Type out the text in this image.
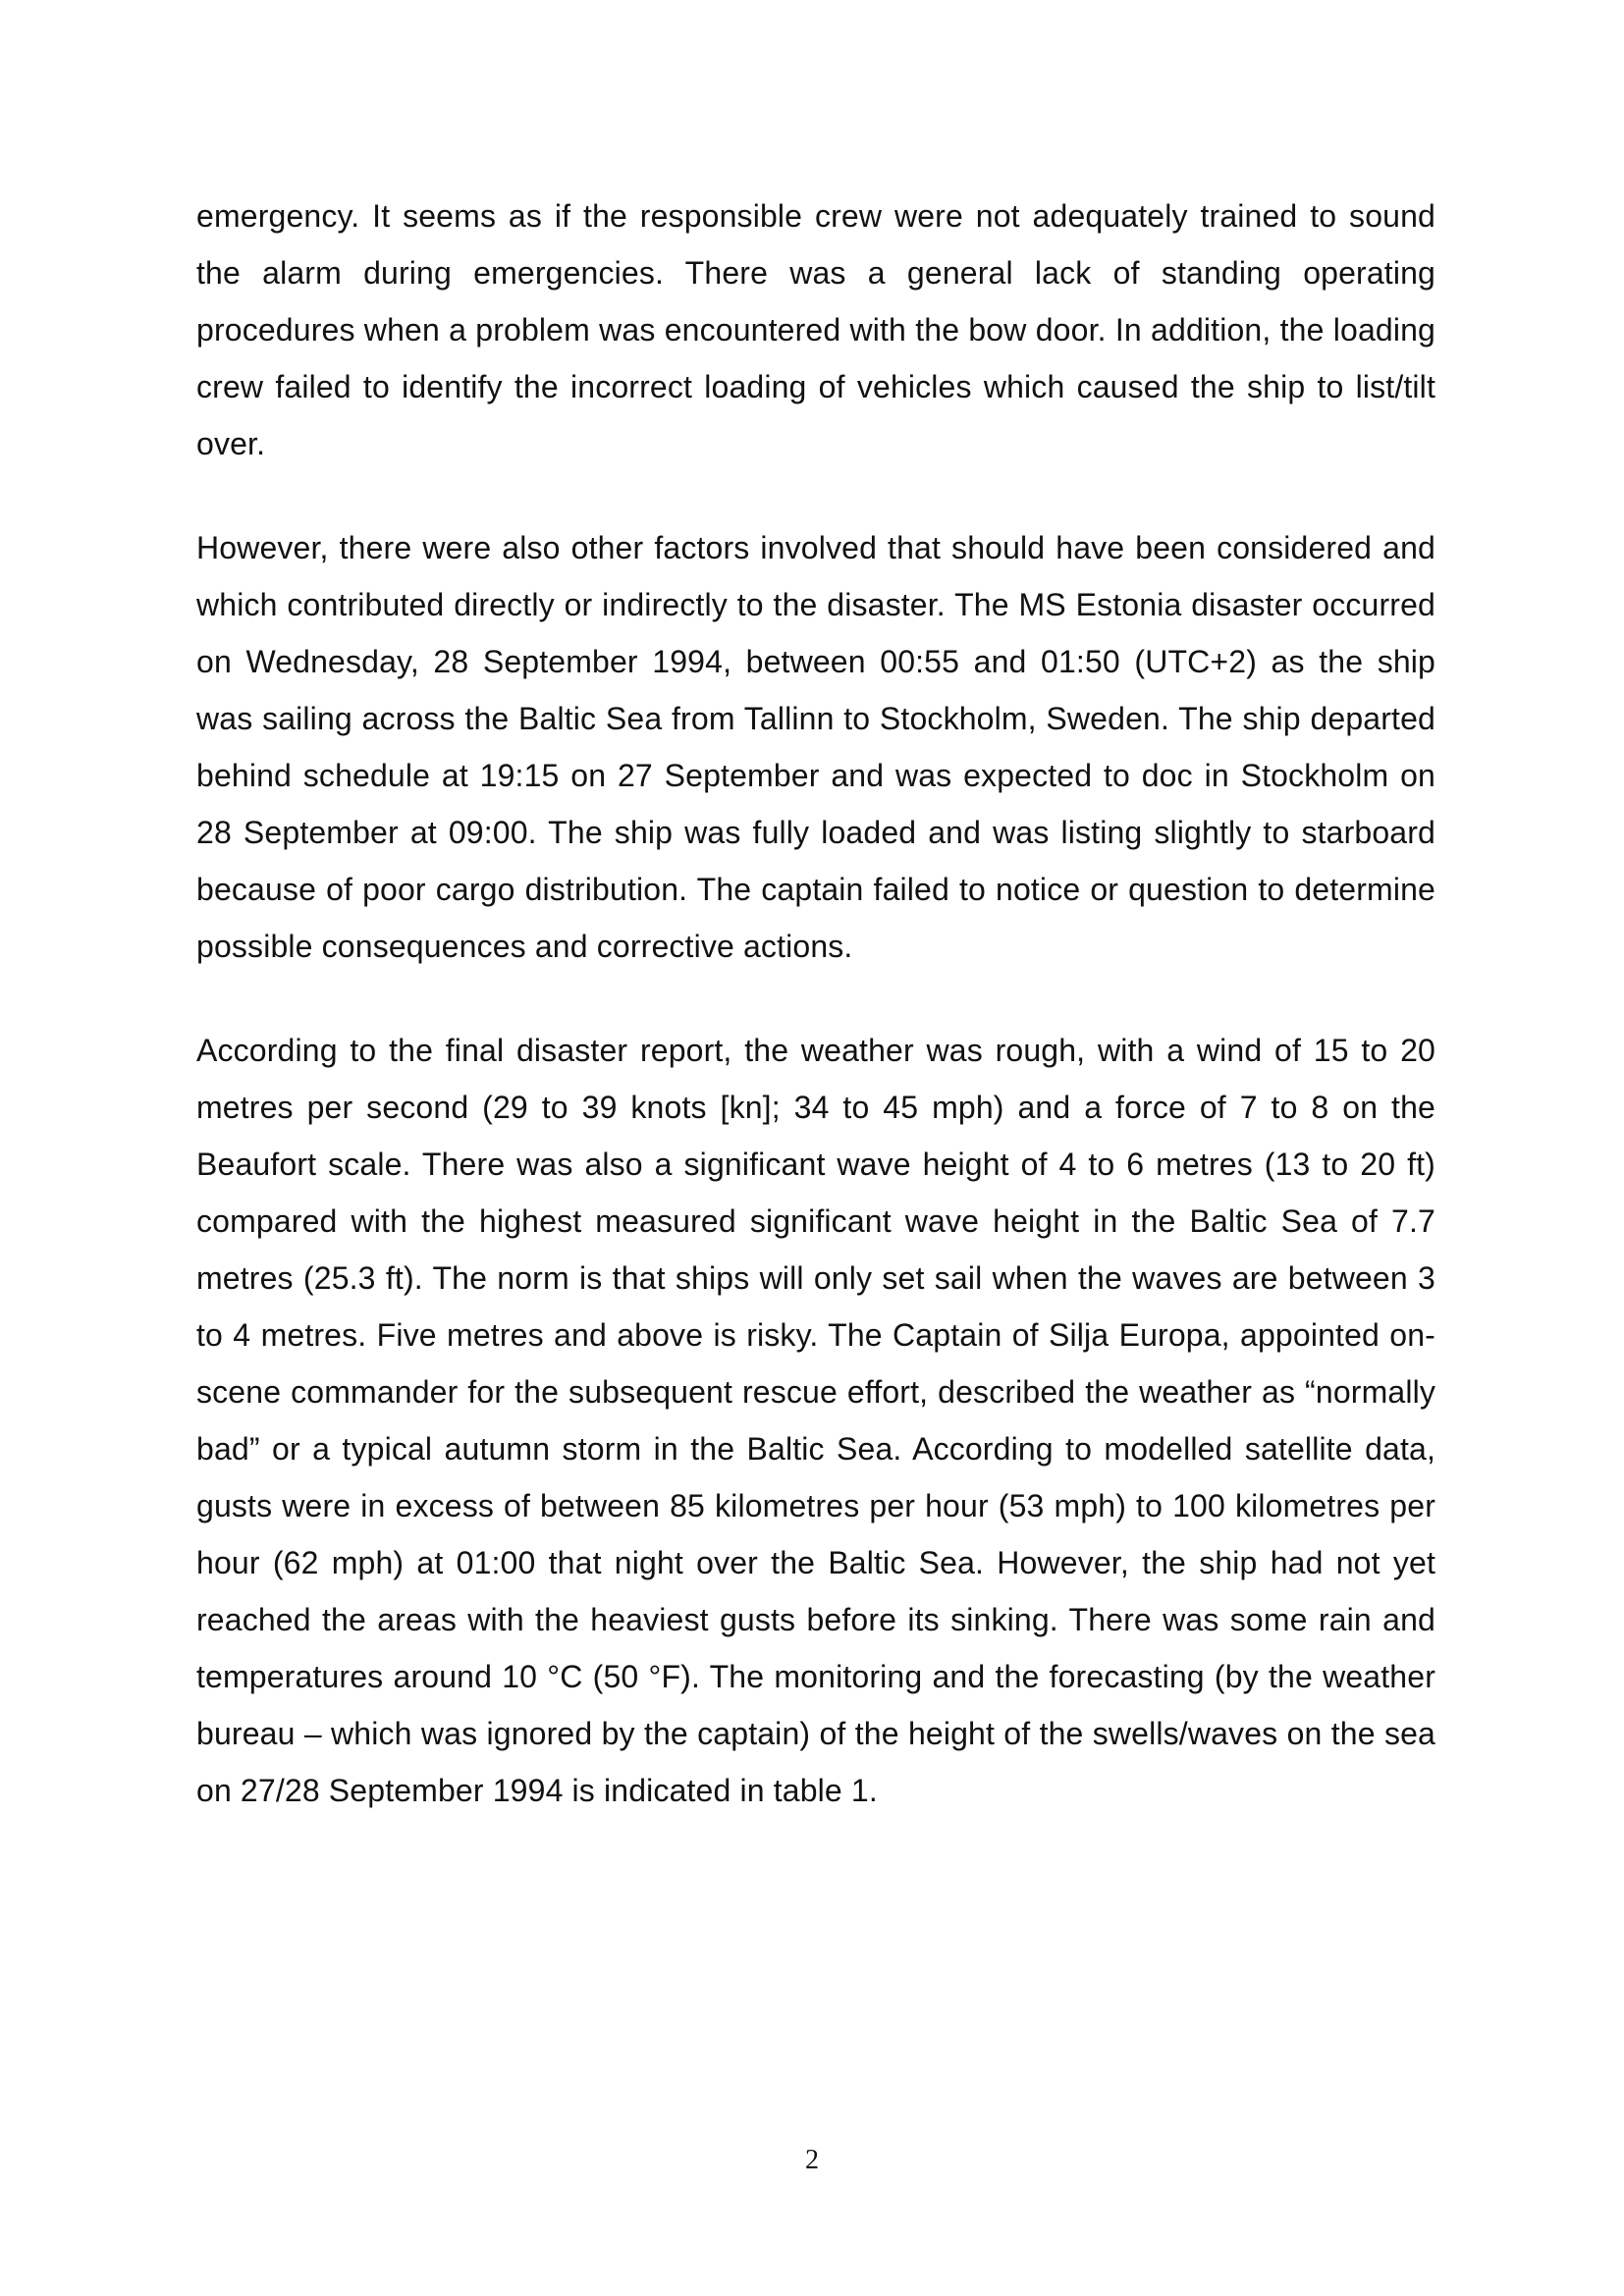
emergency. It seems as if the responsible crew were not adequately trained to sound the alarm during emergencies. There was a general lack of standing operating procedures when a problem was encountered with the bow door. In addition, the loading crew failed to identify the incorrect loading of vehicles which caused the ship to list/tilt over.

However, there were also other factors involved that should have been considered and which contributed directly or indirectly to the disaster. The MS Estonia disaster occurred on Wednesday, 28 September 1994, between 00:55 and 01:50 (UTC+2) as the ship was sailing across the Baltic Sea from Tallinn to Stockholm, Sweden. The ship departed behind schedule at 19:15 on 27 September and was expected to doc in Stockholm on 28 September at 09:00. The ship was fully loaded and was listing slightly to starboard because of poor cargo distribution. The captain failed to notice or question to determine possible consequences and corrective actions.

According to the final disaster report, the weather was rough, with a wind of 15 to 20 metres per second (29 to 39 knots [kn]; 34 to 45 mph) and a force of 7 to 8 on the Beaufort scale. There was also a significant wave height of 4 to 6 metres (13 to 20 ft) compared with the highest measured significant wave height in the Baltic Sea of 7.7 metres (25.3 ft). The norm is that ships will only set sail when the waves are between 3 to 4 metres. Five metres and above is risky. The Captain of Silja Europa, appointed on-scene commander for the subsequent rescue effort, described the weather as “normally bad” or a typical autumn storm in the Baltic Sea. According to modelled satellite data, gusts were in excess of between 85 kilometres per hour (53 mph) to 100 kilometres per hour (62 mph) at 01:00 that night over the Baltic Sea. However, the ship had not yet reached the areas with the heaviest gusts before its sinking. There was some rain and temperatures around 10 °C (50 °F). The monitoring and the forecasting (by the weather bureau – which was ignored by the captain) of the height of the swells/waves on the sea on 27/28 September 1994 is indicated in table 1.

2
